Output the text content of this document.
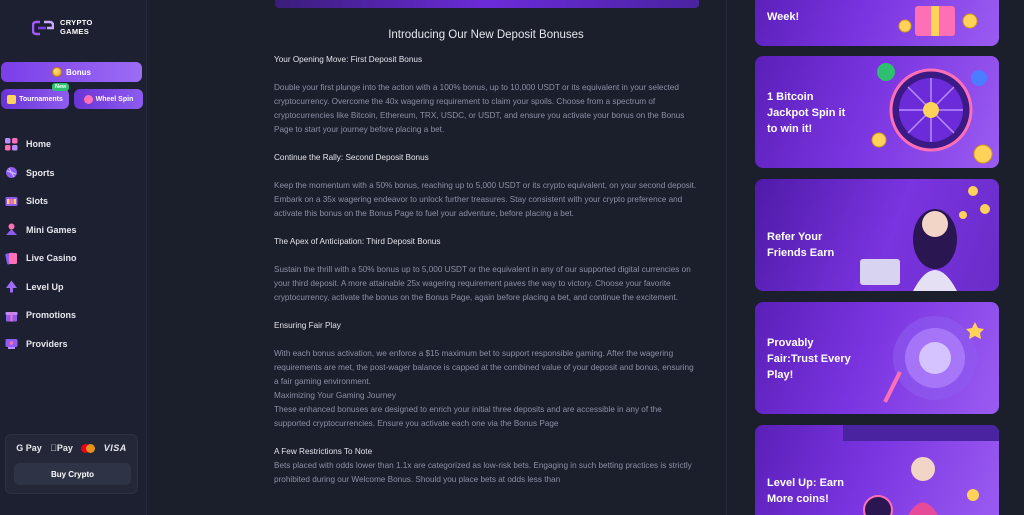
CRYPTO
GAMES
Bonus
Tournaments
New
Wheel Spin
Home
Sports
Slots
Mini Games
Live Casino
Level Up
Promotions
Providers
G Pay Pay	VISA
Buy Crypto
Introducing Our New Deposit Bonuses
Your Opening Move: First Deposit Bonus

Double your first plunge into the action with a 100% bonus, up to 10,000 USDT or its equivalent in your selected cryptocurrency. Overcome the 40x wagering requirement to claim your spoils. Choose from a spectrum of cryptocurrencies like Bitcoin, Ethereum, TRX, USDC, or USDT, and ensure you activate your bonus on the Bonus Page to start your journey before placing a bet.

Continue the Rally: Second Deposit Bonus

Keep the momentum with a 50% bonus, reaching up to 5,000 USDT or its crypto equivalent, on your second deposit. Embark on a 35x wagering endeavor to unlock further treasures. Stay consistent with your crypto preference and activate this bonus on the Bonus Page to fuel your adventure, before placing a bet.

The Apex of Anticipation: Third Deposit Bonus

Sustain the thrill with a 50% bonus up to 5,000 USDT or the equivalent in any of our supported digital currencies on your third deposit. A more attainable 25x wagering requirement paves the way to victory. Choose your favorite cryptocurrency, activate the bonus on the Bonus Page, again before placing a bet, and continue the excitement.

Ensuring Fair Play

With each bonus activation, we enforce a $15 maximum bet to support responsible gaming. After the wagering requirements are met, the post-wager balance is capped at the combined value of your deposit and bonus, ensuring a fair gaming environment.

Maximizing Your Gaming Journey

These enhanced bonuses are designed to enrich your initial three deposits and are accessible in any of the supported cryptocurrencies. Ensure you activate each one via the Bonus Page

A Few Restrictions To Note

Bets placed with odds lower than 1.1x are categorized as low-risk bets. Engaging in such betting practices is strictly prohibited during our Welcome Bonus. Should you place bets at odds less than

Week!
1 Bitcoin
Jackpot Spin it
to win it!
Refer Your
Friends Earn
Provably
Fair:Trust Every
Play!
Level Up: Earn
More coins!
